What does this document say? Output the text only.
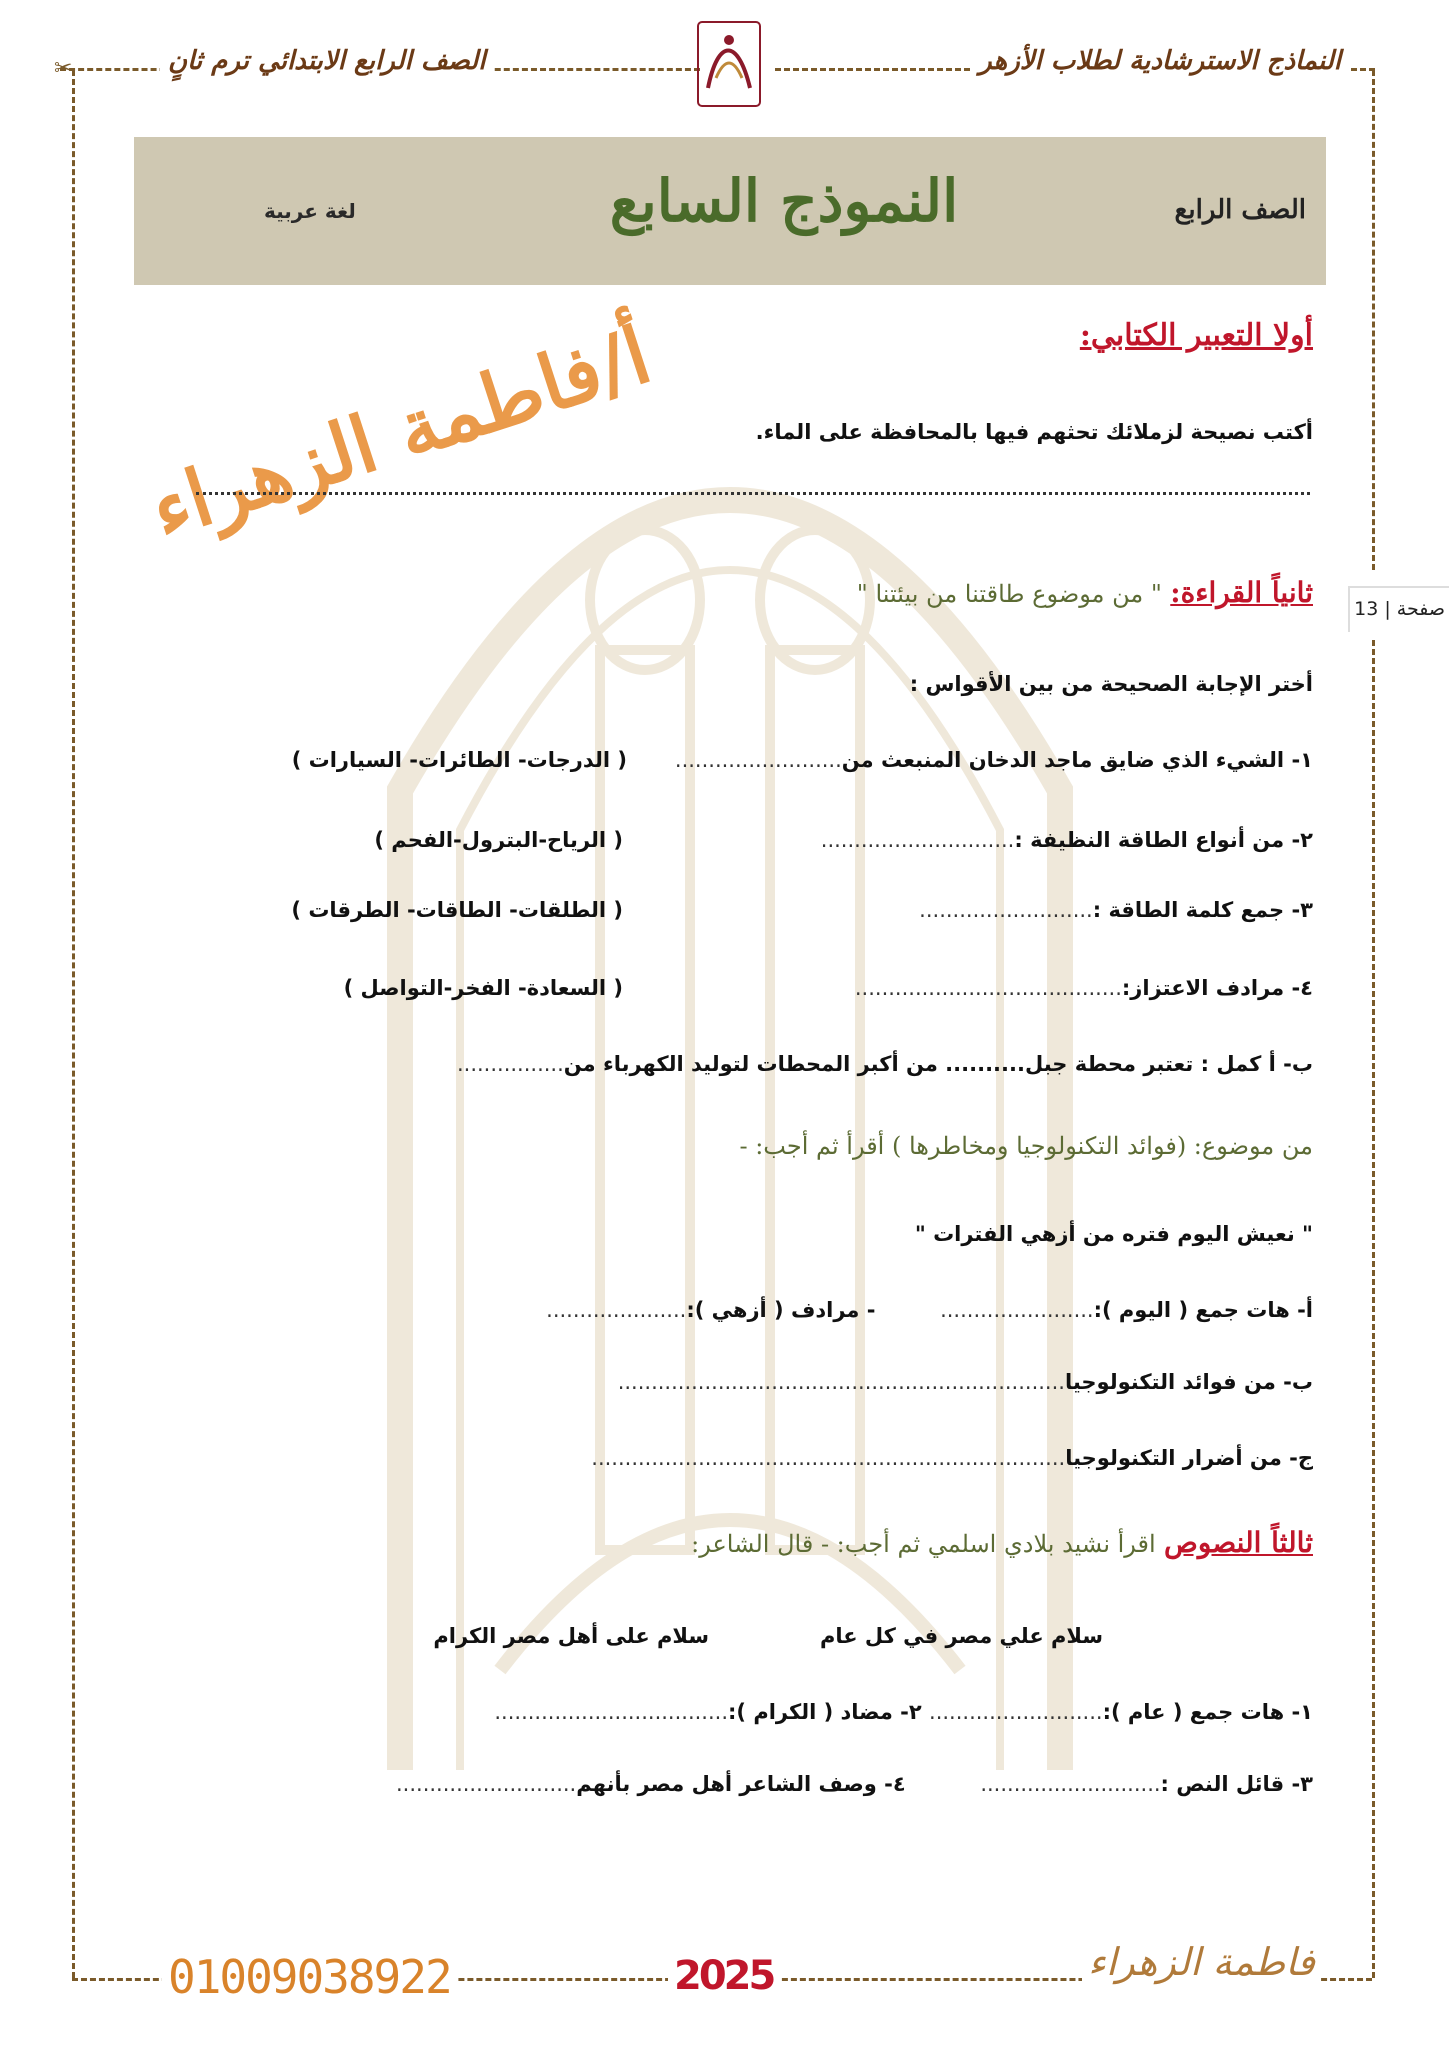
النماذج الاسترشادية لطلاب الأزهر
الصف الرابع الابتدائي ترم ثانٍ
✂
الصف الرابع
النموذج السابع
لغة عربية
أ/فاطمة الزهراء
صفحة | 13
أولا التعبير الكتابي:
أكتب نصيحة لزملائك تحثهم فيها بالمحافظة على الماء.
ثانياً القراءة: " من موضوع طاقتنا من بيئتنا "
أختر الإجابة الصحيحة من بين الأقواس :
١- الشيء الذي ضايق ماجد الدخان المنبعث من.........................
( الدرجات- الطائرات- السيارات )
٢- من أنواع الطاقة النظيفة :.............................
( الرياح-البترول-الفحم )
٣- جمع كلمة الطاقة :..........................
( الطلقات- الطاقات- الطرقات )
٤- مرادف الاعتزاز:........................................
( السعادة- الفخر-التواصل )
ب- أ كمل : تعتبر محطة جبل.......... من أكبر المحطات لتوليد الكهرباء من................
من موضوع: (فوائد التكنولوجيا ومخاطرها ) أقرأ ثم أجب: -
" نعيش اليوم فتره من أزهي الفترات "
أ- هات جمع ( اليوم ):.......................  - مرادف ( أزهي ):.....................
ب- من فوائد التكنولوجيا...................................................................
ج- من أضرار التكنولوجيا.......................................................................
ثالثاً النصوص اقرأ نشيد بلادي اسلمي ثم أجب: - قال الشاعر:
سلام علي مصر في كل عام
سلام على أهل مصر الكرام
١- هات جمع ( عام ):.......................... ٢- مضاد ( الكرام ):...................................
٣- قائل النص :...........................  ٤- وصف الشاعر أهل مصر بأنهم...........................
01009038922	2025	فاطمة الزهراء
